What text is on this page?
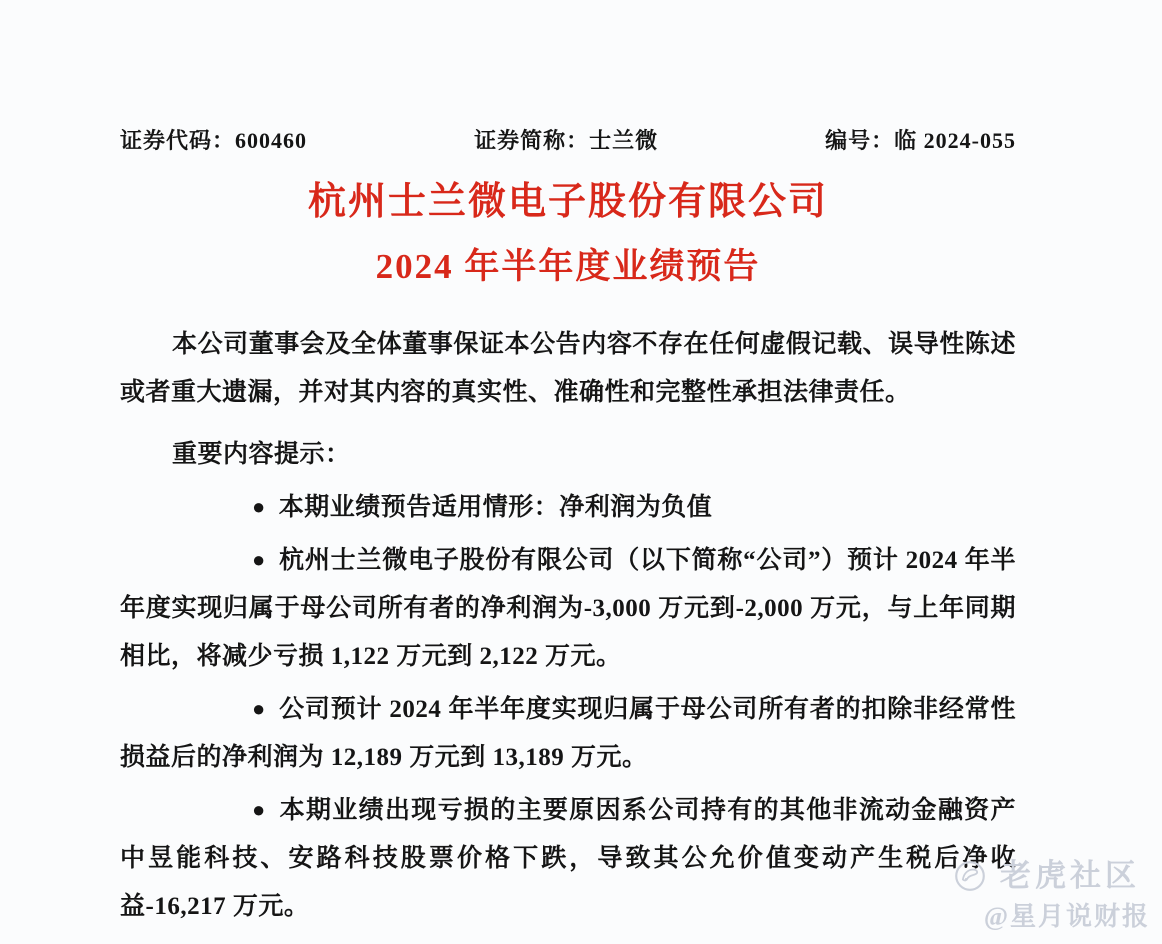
证券代码：600460	证券简称：士兰微	编号：临 2024-055
杭州士兰微电子股份有限公司
2024 年半年度业绩预告

本公司董事会及全体董事保证本公告内容不存在任何虚假记载、误导性陈述或者重大遗漏，并对其内容的真实性、准确性和完整性承担法律责任。

重要内容提示：

● 本期业绩预告适用情形：净利润为负值

● 杭州士兰微电子股份有限公司（以下简称“公司”）预计 2024 年半年度实现归属于母公司所有者的净利润为-3,000 万元到-2,000 万元，与上年同期相比，将减少亏损 1,122 万元到 2,122 万元。

● 公司预计 2024 年半年度实现归属于母公司所有者的扣除非经常性损益后的净利润为 12,189 万元到 13,189 万元。

● 本期业绩出现亏损的主要原因系公司持有的其他非流动金融资产中昱能科技、安路科技股票价格下跌，导致其公允价值变动产生税后净收益-16,217 万元。

老虎社区
@星月说财报
